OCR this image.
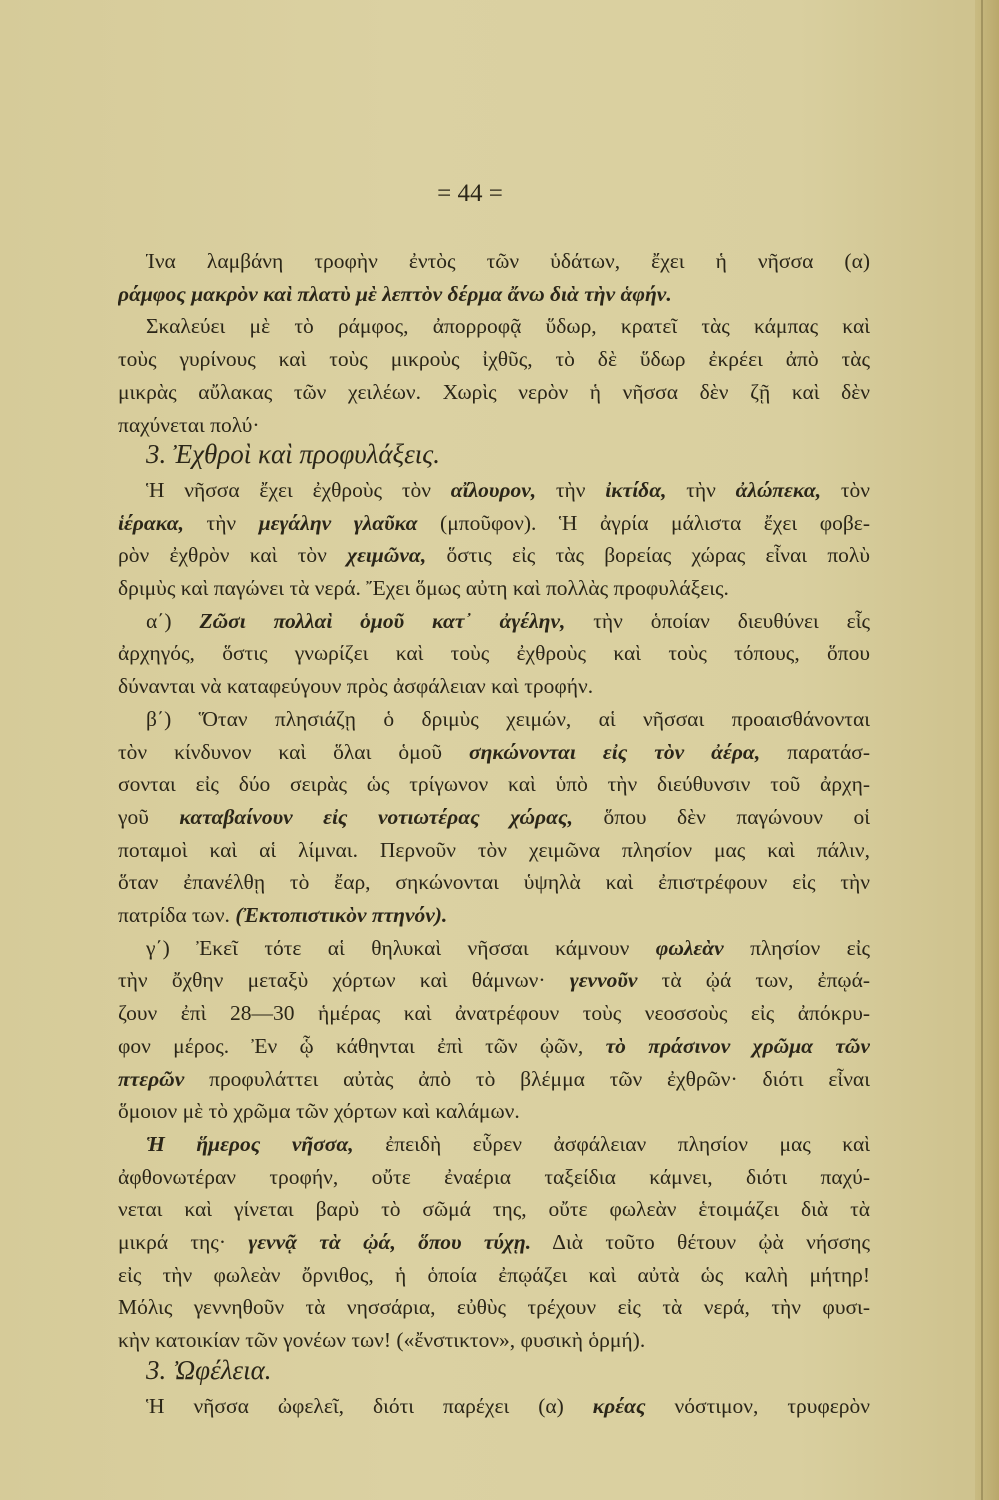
= 44 =
Ίνα λαμβάνη τροφὴν ἐντὸς τῶν ὑδάτων, ἔχει ἡ νῆσσα (α)
ράμφος μακρὸν καὶ πλατὺ μὲ λεπτὸν δέρμα ἄνω διὰ τὴν ἁφήν.
Σκαλεύει μὲ τὸ ράμφος, ἀπορροφᾷ ὕδωρ, κρατεῖ τὰς κάμπας καὶ
τοὺς γυρίνους καὶ τοὺς μικροὺς ἰχθῦς, τὸ δὲ ὕδωρ ἐκρέει ἀπὸ τὰς
μικρὰς αὔλακας τῶν χειλέων. Χωρὶς νερὸν ἡ νῆσσα δὲν ζῇ καὶ δὲν
παχύνεται πολύ·
3. Ἐχθροὶ καὶ προφυλάξεις.
Ἡ νῆσσα ἔχει ἐχθροὺς τὸν αἴλουρον, τὴν ἰκτίδα, τὴν ἀλώπεκα, τὸν
ἱέρακα, τὴν μεγάλην γλαῦκα (μποῦφον). Ἡ ἀγρία μάλιστα ἔχει φοβε-
ρὸν ἐχθρὸν καὶ τὸν χειμῶνα, ὅστις εἰς τὰς βορείας χώρας εἶναι πολὺ
δριμὺς καὶ παγώνει τὰ νερά. Ἔχει ὅμως αὐτη καὶ πολλὰς προφυλάξεις.
α΄) Ζῶσι πολλαὶ ὁμοῦ κατ᾽ ἀγέλην, τὴν ὁποίαν διευθύνει εἷς
ἀρχηγός, ὅστις γνωρίζει καὶ τοὺς ἐχθροὺς καὶ τοὺς τόπους, ὅπου
δύνανται νὰ καταφεύγουν πρὸς ἀσφάλειαν καὶ τροφήν.
β΄) Ὅταν πλησιάζῃ ὁ δριμὺς χειμών, αἱ νῆσσαι προαισθάνονται
τὸν κίνδυνον καὶ ὅλαι ὁμοῦ σηκώνονται εἰς τὸν ἀέρα, παρατάσ-
σονται εἰς δύο σειρὰς ὡς τρίγωνον καὶ ὑπὸ τὴν διεύθυνσιν τοῦ ἀρχη-
γοῦ καταβαίνουν εἰς νοτιωτέρας χώρας, ὅπου δὲν παγώνουν οἱ
ποταμοὶ καὶ αἱ λίμναι. Περνοῦν τὸν χειμῶνα πλησίον μας καὶ πάλιν,
ὅταν ἐπανέλθῃ τὸ ἔαρ, σηκώνονται ὑψηλὰ καὶ ἐπιστρέφουν εἰς τὴν
πατρίδα των. (Ἐκτοπιστικὸν πτηνόν).
γ΄) Ἐκεῖ τότε αἱ θηλυκαὶ νῆσσαι κάμνουν φωλεὰν πλησίον εἰς
τὴν ὄχθην μεταξὺ χόρτων καὶ θάμνων· γεννοῦν τὰ ᾠά των, ἐπῳά-
ζουν ἐπὶ 28—30 ἡμέρας καὶ ἀνατρέφουν τοὺς νεοσσοὺς εἰς ἀπόκρυ-
φον μέρος. Ἐν ᾧ κάθηνται ἐπὶ τῶν ᾠῶν, τὸ πράσινον χρῶμα τῶν
πτερῶν προφυλάττει αὐτὰς ἀπὸ τὸ βλέμμα τῶν ἐχθρῶν· διότι εἶναι
ὅμοιον μὲ τὸ χρῶμα τῶν χόρτων καὶ καλάμων.
Ἡ ἥμερος νῆσσα, ἐπειδὴ εὗρεν ἀσφάλειαν πλησίον μας καὶ
ἀφθονωτέραν τροφήν, οὔτε ἐναέρια ταξείδια κάμνει, διότι παχύ-
νεται καὶ γίνεται βαρὺ τὸ σῶμά της, οὔτε φωλεὰν ἑτοιμάζει διὰ τὰ
μικρά της· γεννᾷ τὰ ᾠά, ὅπου τύχῃ. Διὰ τοῦτο θέτουν ᾠὰ νήσσης
εἰς τὴν φωλεὰν ὄρνιθος, ἡ ὁποία ἐπῳάζει καὶ αὐτὰ ὡς καλὴ μήτηρ!
Μόλις γεννηθοῦν τὰ νησσάρια, εὐθὺς τρέχουν εἰς τὰ νερά, τὴν φυσι-
κὴν κατοικίαν τῶν γονέων των! («ἔνστικτον», φυσικὴ ὁρμή).
3. Ὠφέλεια.
Ἡ νῆσσα ὠφελεῖ, διότι παρέχει (α) κρέας νόστιμον, τρυφερὸν
